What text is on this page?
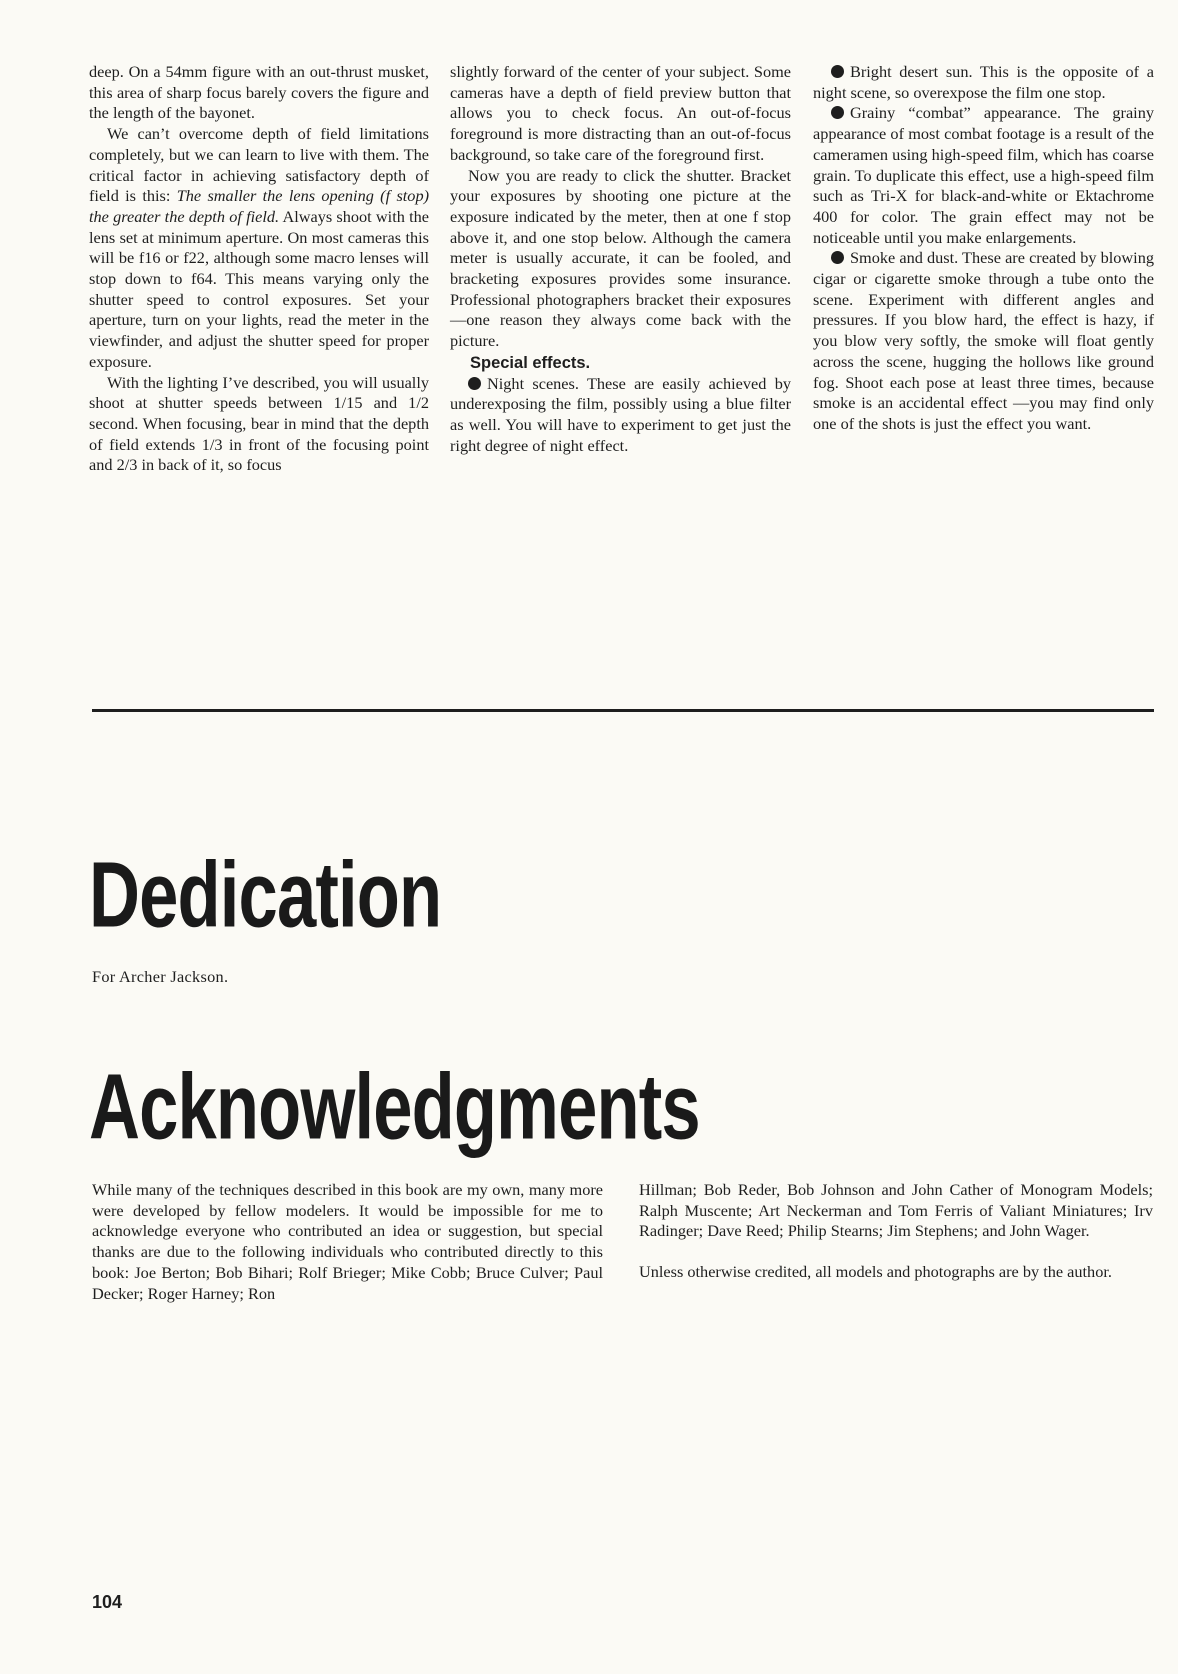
deep. On a 54mm figure with an out-thrust musket, this area of sharp focus barely covers the figure and the length of the bayonet.

We can’t overcome depth of field limitations completely, but we can learn to live with them. The critical factor in achieving satisfactory depth of field is this: The smaller the lens opening (f stop) the greater the depth of field. Always shoot with the lens set at minimum aperture. On most cameras this will be f16 or f22, although some macro lenses will stop down to f64. This means varying only the shutter speed to control exposures. Set your aperture, turn on your lights, read the meter in the viewfinder, and adjust the shutter speed for proper exposure.

With the lighting I’ve described, you will usually shoot at shutter speeds between 1/15 and 1/2 second. When focusing, bear in mind that the depth of field extends 1/3 in front of the focusing point and 2/3 in back of it, so focus

slightly forward of the center of your subject. Some cameras have a depth of field preview button that allows you to check focus. An out-of-focus foreground is more distracting than an out-of-focus background, so take care of the foreground first.

Now you are ready to click the shutter. Bracket your exposures by shooting one picture at the exposure indicated by the meter, then at one f stop above it, and one stop below. Although the camera meter is usually accurate, it can be fooled, and bracketing exposures provides some insurance. Professional photographers bracket their exposures—one reason they always come back with the picture.

Special effects.

Night scenes. These are easily achieved by underexposing the film, possibly using a blue filter as well. You will have to experiment to get just the right degree of night effect.

Bright desert sun. This is the opposite of a night scene, so overexpose the film one stop.

Grainy “combat” appearance. The grainy appearance of most combat footage is a result of the cameramen using high-speed film, which has coarse grain. To duplicate this effect, use a high-speed film such as Tri-X for black-and-white or Ektachrome 400 for color. The grain effect may not be noticeable until you make enlargements.

Smoke and dust. These are created by blowing cigar or cigarette smoke through a tube onto the scene. Experiment with different angles and pressures. If you blow hard, the effect is hazy, if you blow very softly, the smoke will float gently across the scene, hugging the hollows like ground fog. Shoot each pose at least three times, because smoke is an accidental effect —you may find only one of the shots is just the effect you want.

Dedication
For Archer Jackson.
Acknowledgments

While many of the techniques described in this book are my own, many more were developed by fellow modelers. It would be impossible for me to acknowledge everyone who contributed an idea or suggestion, but special thanks are due to the following individuals who contributed directly to this book: Joe Berton; Bob Bihari; Rolf Brieger; Mike Cobb; Bruce Culver; Paul Decker; Roger Harney; Ron

Hillman; Bob Reder, Bob Johnson and John Cather of Monogram Models; Ralph Muscente; Art Neckerman and Tom Ferris of Valiant Miniatures; Irv Radinger; Dave Reed; Philip Stearns; Jim Stephens; and John Wager.

Unless otherwise credited, all models and photographs are by the author.

104
